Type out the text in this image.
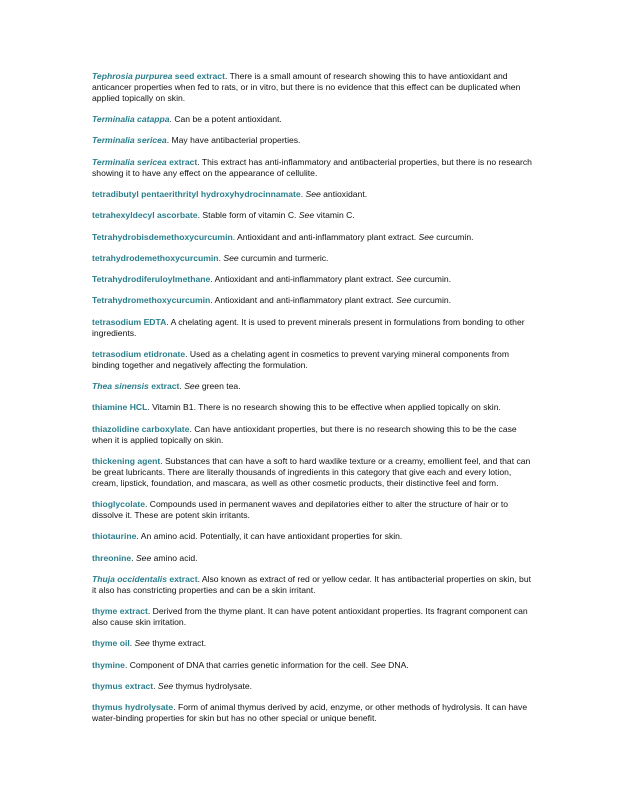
Tephrosia purpurea seed extract. There is a small amount of research showing this to have antioxidant and anticancer properties when fed to rats, or in vitro, but there is no evidence that this effect can be duplicated when applied topically on skin.

Terminalia catappa. Can be a potent antioxidant.

Terminalia sericea. May have antibacterial properties.

Terminalia sericea extract. This extract has anti-inflammatory and antibacterial properties, but there is no research showing it to have any effect on the appearance of cellulite.

tetradibutyl pentaerithrityl hydroxyhydrocinnamate. See antioxidant.

tetrahexyldecyl ascorbate. Stable form of vitamin C. See vitamin C.

Tetrahydrobisdemethoxycurcumin. Antioxidant and anti-inflammatory plant extract. See curcumin.

tetrahydrodemethoxycurcumin. See curcumin and turmeric.

Tetrahydrodiferuloylmethane. Antioxidant and anti-inflammatory plant extract. See curcumin.

Tetrahydromethoxycurcumin. Antioxidant and anti-inflammatory plant extract. See curcumin.

tetrasodium EDTA. A chelating agent. It is used to prevent minerals present in formulations from bonding to other ingredients.

tetrasodium etidronate. Used as a chelating agent in cosmetics to prevent varying mineral components from binding together and negatively affecting the formulation.

Thea sinensis extract. See green tea.

thiamine HCL. Vitamin B1. There is no research showing this to be effective when applied topically on skin.

thiazolidine carboxylate. Can have antioxidant properties, but there is no research showing this to be the case when it is applied topically on skin.

thickening agent. Substances that can have a soft to hard waxlike texture or a creamy, emollient feel, and that can be great lubricants. There are literally thousands of ingredients in this category that give each and every lotion, cream, lipstick, foundation, and mascara, as well as other cosmetic products, their distinctive feel and form.

thioglycolate. Compounds used in permanent waves and depilatories either to alter the structure of hair or to dissolve it. These are potent skin irritants.

thiotaurine. An amino acid. Potentially, it can have antioxidant properties for skin.

threonine. See amino acid.

Thuja occidentalis extract. Also known as extract of red or yellow cedar. It has antibacterial properties on skin, but it also has constricting properties and can be a skin irritant.

thyme extract. Derived from the thyme plant. It can have potent antioxidant properties. Its fragrant component can also cause skin irritation.

thyme oil. See thyme extract.

thymine. Component of DNA that carries genetic information for the cell. See DNA.

thymus extract. See thymus hydrolysate.

thymus hydrolysate. Form of animal thymus derived by acid, enzyme, or other methods of hydrolysis. It can have water-binding properties for skin but has no other special or unique benefit.
